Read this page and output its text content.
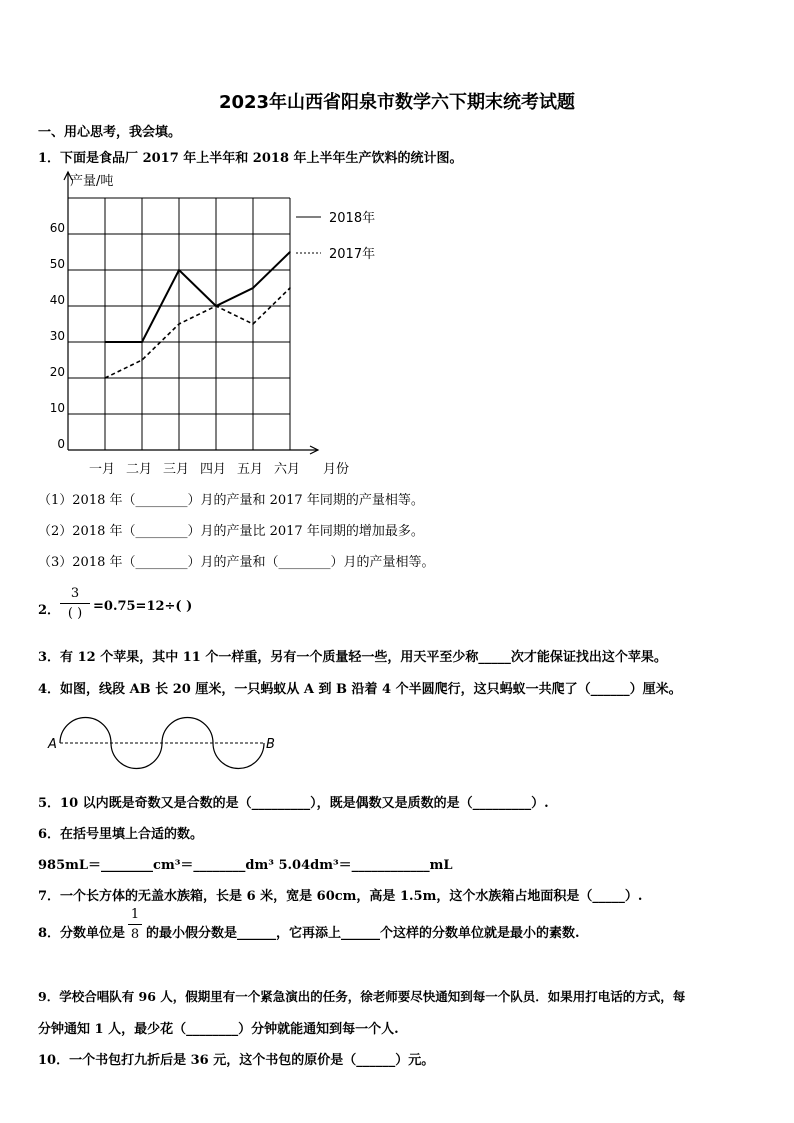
2023年山西省阳泉市数学六下期末统考试题
一、用心思考，我会填。
1．下面是食品厂 2017 年上半年和 2018 年上半年生产饮料的统计图。
0
10
20
30
40
50
60
一月 二月 三月 四月 五月 六月
2018年
2017年
产量/吨
月份
（1）2018 年（________）月的产量和 2017 年同期的产量相等。
（2）2018 年（________）月的产量比 2017 年同期的增加最多。
（3）2018 年（________）月的产量和（________）月的产量相等。
2．
3
( ) =0.75=12÷( )
3．有 12 个苹果，其中 11 个一样重，另有一个质量轻一些，用天平至少称_____次才能保证找出这个苹果。
4．如图，线段 AB 长 20 厘米，一只蚂蚁从 A 到 B 沿着 4 个半圆爬行，这只蚂蚁一共爬了（______）厘米。
A	B
5．10 以内既是奇数又是合数的是（_________），既是偶数又是质数的是（_________）.
6．在括号里填上合适的数。
985mL＝________cm³＝________dm³ 5.04dm³＝____________mL
7．一个长方体的无盖水族箱，长是 6 米，宽是 60cm，高是 1.5m，这个水族箱占地面积是（_____）.
8．分数单位是
1
8 的最小假分数是______，它再添上______个这样的分数单位就是最小的素数.
9．学校合唱队有 96 人，假期里有一个紧急演出的任务，徐老师要尽快通知到每一个队员．如果用打电话的方式，每
分钟通知 1 人，最少花（________）分钟就能通知到每一个人.
10．一个书包打九折后是 36 元，这个书包的原价是（______）元。
